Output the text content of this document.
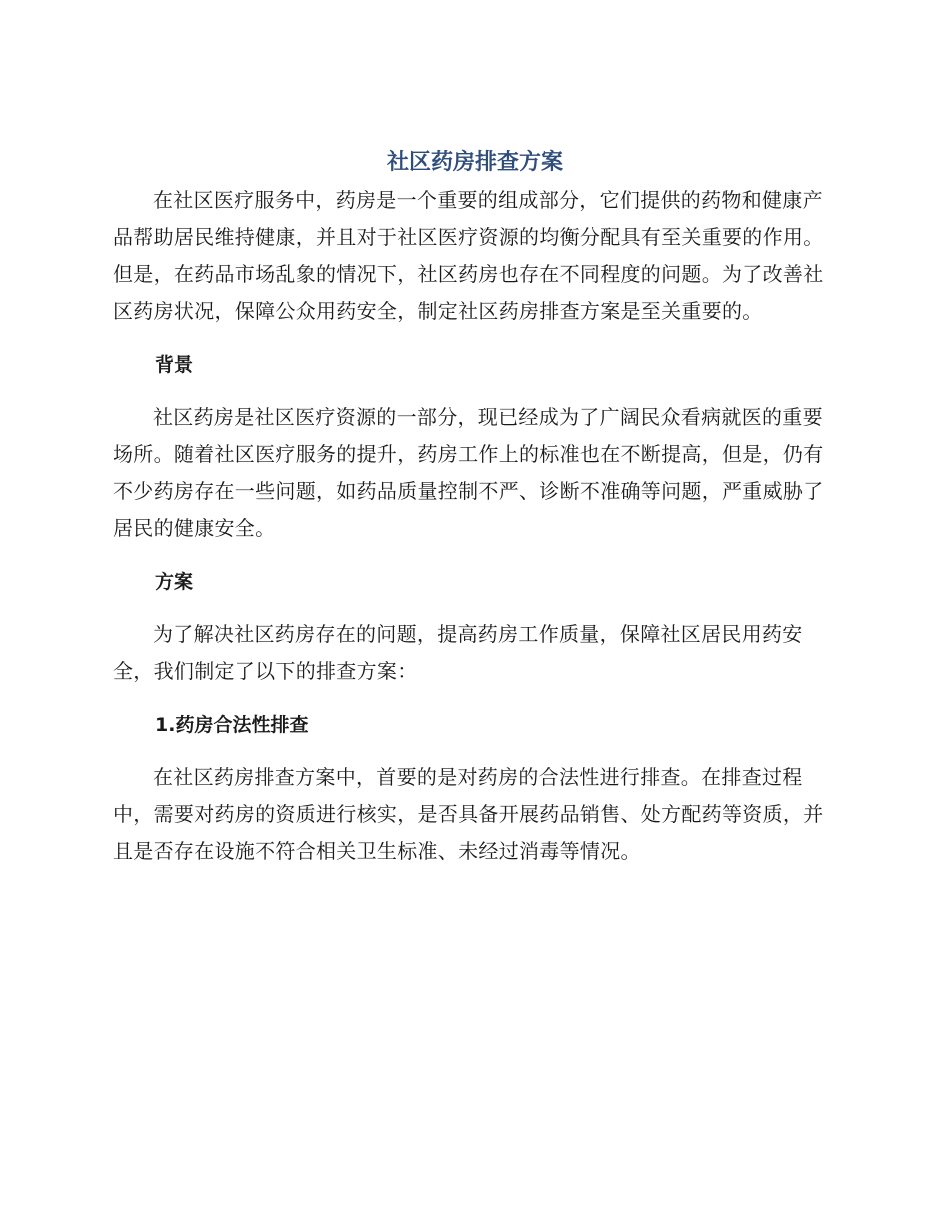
社区药房排查方案

在社区医疗服务中，药房是一个重要的组成部分，它们提供的药物和健康产品帮助居民维持健康，并且对于社区医疗资源的均衡分配具有至关重要的作用。但是，在药品市场乱象的情况下，社区药房也存在不同程度的问题。为了改善社区药房状况，保障公众用药安全，制定社区药房排查方案是至关重要的。

背景

社区药房是社区医疗资源的一部分，现已经成为了广阔民众看病就医的重要场所。随着社区医疗服务的提升，药房工作上的标准也在不断提高，但是，仍有不少药房存在一些问题，如药品质量控制不严、诊断不准确等问题，严重威胁了居民的健康安全。

方案

为了解决社区药房存在的问题，提高药房工作质量，保障社区居民用药安全，我们制定了以下的排查方案：

1.药房合法性排查

在社区药房排查方案中，首要的是对药房的合法性进行排查。在排查过程中，需要对药房的资质进行核实，是否具备开展药品销售、处方配药等资质，并且是否存在设施不符合相关卫生标准、未经过消毒等情况。
